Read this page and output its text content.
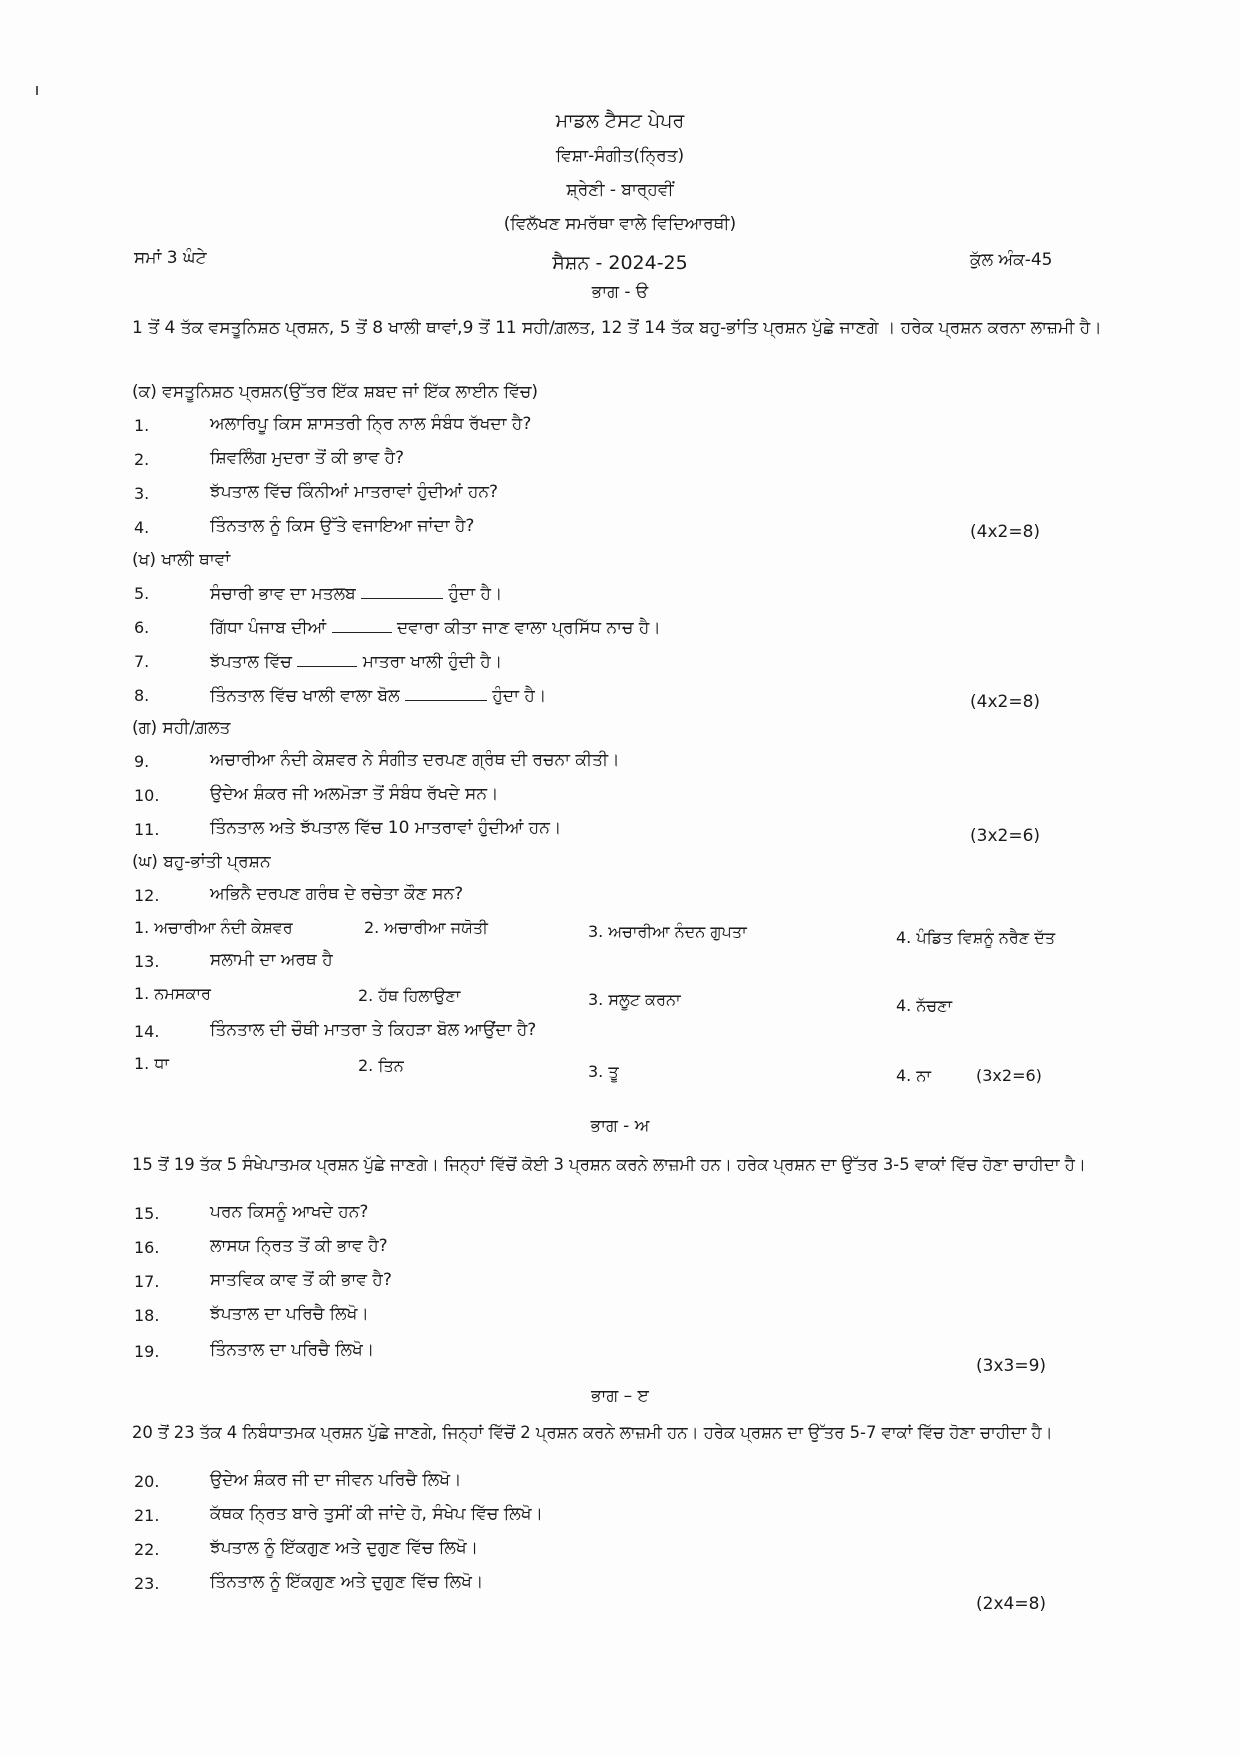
ਮਾਡਲ ਟੈਸਟ ਪੇਪਰ
ਵਿਸ਼ਾ-ਸੰਗੀਤ(ਨ੍ਰਿਤ)
ਸ਼੍ਰੇਣੀ - ਬਾਰ੍ਹਵੀਂ
(ਵਿਲੱਖਣ ਸਮਰੱਥਾ ਵਾਲੇ ਵਿਦਿਆਰਥੀ)
ਸਮਾਂ 3 ਘੰਟੇ	ਸੈਸ਼ਨ - 2024-25	ਕੁੱਲ ਅੰਕ-45
ਭਾਗ - ੳ
1 ਤੋਂ 4 ਤੱਕ ਵਸਤੂਨਿਸ਼ਠ ਪ੍ਰਸ਼ਨ, 5 ਤੋਂ 8 ਖਾਲੀ ਥਾਵਾਂ,9 ਤੋਂ 11 ਸਹੀ/ਗ਼ਲਤ, 12 ਤੋਂ 14 ਤੱਕ ਬਹੁ-ਭਾਂਤਿ ਪ੍ਰਸ਼ਨ ਪੁੱਛੇ ਜਾਣਗੇ । ਹਰੇਕ ਪ੍ਰਸ਼ਨ ਕਰਨਾ ਲਾਜ਼ਮੀ ਹੈ।
(ਕ) ਵਸਤੂਨਿਸ਼ਠ ਪ੍ਰਸ਼ਨ(ਉੱਤਰ ਇੱਕ ਸ਼ਬਦ ਜਾਂ ਇੱਕ ਲਾਈਨ ਵਿੱਚ)
1.	ਅਲਾਰਿਪੂ ਕਿਸ ਸ਼ਾਸਤਰੀ ਨ੍ਰਿ ਨਾਲ ਸੰਬੰਧ ਰੱਖਦਾ ਹੈ?
2.	ਸ਼ਿਵਲਿੰਗ ਮੁਦਰਾ ਤੋਂ ਕੀ ਭਾਵ ਹੈ?
3.	ਝੱਪਤਾਲ ਵਿੱਚ ਕਿੰਨੀਆਂ ਮਾਤਰਾਵਾਂ ਹੁੰਦੀਆਂ ਹਨ?
4.	ਤਿੰਨਤਾਲ ਨੂੰ ਕਿਸ ਉੱਤੇ ਵਜਾਇਆ ਜਾਂਦਾ ਹੈ?	(4x2=8)
(ਖ) ਖਾਲੀ ਥਾਵਾਂ
5.	ਸੰਚਾਰੀ ਭਾਵ ਦਾ ਮਤਲਬ	ਹੁੰਦਾ ਹੈ।
6.	ਗਿੱਧਾ ਪੰਜਾਬ ਦੀਆਂ	ਦਵਾਰਾ ਕੀਤਾ ਜਾਣ ਵਾਲਾ ਪ੍ਰਸਿੱਧ ਨਾਚ ਹੈ।
7.	ਝੱਪਤਾਲ ਵਿੱਚ	ਮਾਤਰਾ ਖਾਲੀ ਹੁੰਦੀ ਹੈ।
8.	ਤਿੰਨਤਾਲ ਵਿੱਚ ਖਾਲੀ ਵਾਲਾ ਬੋਲ	ਹੁੰਦਾ ਹੈ।	(4x2=8)
(ਗ) ਸਹੀ/ਗ਼ਲਤ
9.	ਅਚਾਰੀਆ ਨੰਦੀ ਕੇਸ਼ਵਰ ਨੇ ਸੰਗੀਤ ਦਰਪਣ ਗ੍ਰੰਥ ਦੀ ਰਚਨਾ ਕੀਤੀ।
10.	ਉਦੇਅ ਸ਼ੰਕਰ ਜੀ ਅਲਮੋੜਾ ਤੋਂ ਸੰਬੰਧ ਰੱਖਦੇ ਸਨ।
11.	ਤਿੰਨਤਾਲ ਅਤੇ ਝੱਪਤਾਲ ਵਿੱਚ 10 ਮਾਤਰਾਵਾਂ ਹੁੰਦੀਆਂ ਹਨ।	(3x2=6)
(ਘ) ਬਹੁ-ਭਾਂਤੀ ਪ੍ਰਸ਼ਨ
12.	ਅਭਿਨੈ ਦਰਪਣ ਗਰੰਥ ਦੇ ਰਚੇਤਾ ਕੌਣ ਸਨ?
1. ਅਚਾਰੀਆ ਨੰਦੀ ਕੇਸ਼ਵਰ	2. ਅਚਾਰੀਆ ਜਯੋਤੀ	3. ਅਚਾਰੀਆ ਨੰਦਨ ਗੁਪਤਾ	4. ਪੰਡਿਤ ਵਿਸ਼ਨੂੰ ਨਰੈਣ ਦੱਤ
13.	ਸਲਾਮੀ ਦਾ ਅਰਥ ਹੈ
1. ਨਮਸਕਾਰ	2. ਹੱਥ ਹਿਲਾਉਣਾ	3. ਸਲੂਟ ਕਰਨਾ	4. ਨੱਚਣਾ
14.	ਤਿੰਨਤਾਲ ਦੀ ਚੌਥੀ ਮਾਤਰਾ ਤੇ ਕਿਹੜਾ ਬੋਲ ਆਉਂਦਾ ਹੈ?
1. ਧਾ	2. ਤਿਨ	3. ਤੂ	4. ਨਾ	(3x2=6)
ਭਾਗ - ਅ
15 ਤੋਂ 19 ਤੱਕ 5 ਸੰਖੇਪਾਤਮਕ ਪ੍ਰਸ਼ਨ ਪੁੱਛੇ ਜਾਣਗੇ। ਜਿਨ੍ਹਾਂ ਵਿੱਚੋਂ ਕੋਈ 3 ਪ੍ਰਸ਼ਨ ਕਰਨੇ ਲਾਜ਼ਮੀ ਹਨ। ਹਰੇਕ ਪ੍ਰਸ਼ਨ ਦਾ ਉੱਤਰ 3-5 ਵਾਕਾਂ ਵਿੱਚ ਹੋਣਾ ਚਾਹੀਦਾ ਹੈ।
15.	ਪਰਨ ਕਿਸਨੂੰ ਆਖਦੇ ਹਨ?
16.	ਲਾਸਯ ਨ੍ਰਿਤ ਤੋਂ ਕੀ ਭਾਵ ਹੈ?
17.	ਸਾਤਵਿਕ ਕਾਵ ਤੋਂ ਕੀ ਭਾਵ ਹੈ?
18.	ਝੱਪਤਾਲ ਦਾ ਪਰਿਚੈ ਲਿਖੋ।
19.	ਤਿੰਨਤਾਲ ਦਾ ਪਰਿਚੈ ਲਿਖੋ।
(3x3=9)
ਭਾਗ – ੲ
20 ਤੋਂ 23 ਤੱਕ 4 ਨਿਬੰਧਾਤਮਕ ਪ੍ਰਸ਼ਨ ਪੁੱਛੇ ਜਾਣਗੇ, ਜਿਨ੍ਹਾਂ ਵਿੱਚੋਂ 2 ਪ੍ਰਸ਼ਨ ਕਰਨੇ ਲਾਜ਼ਮੀ ਹਨ। ਹਰੇਕ ਪ੍ਰਸ਼ਨ ਦਾ ਉੱਤਰ 5-7 ਵਾਕਾਂ ਵਿੱਚ ਹੋਣਾ ਚਾਹੀਦਾ ਹੈ।
20.	ਉਦੇਅ ਸ਼ੰਕਰ ਜੀ ਦਾ ਜੀਵਨ ਪਰਿਚੈ ਲਿਖੋ।
21.	ਕੱਥਕ ਨ੍ਰਿਤ ਬਾਰੇ ਤੁਸੀਂ ਕੀ ਜਾਂਦੇ ਹੋ, ਸੰਖੇਪ ਵਿੱਚ ਲਿਖੋ।
22.	ਝੱਪਤਾਲ ਨੂੰ ਇੱਕਗੁਣ ਅਤੇ ਦੁਗੁਣ ਵਿੱਚ ਲਿਖੋ।
23.	ਤਿੰਨਤਾਲ ਨੂੰ ਇੱਕਗੁਣ ਅਤੇ ਦੁਗੁਣ ਵਿੱਚ ਲਿਖੋ।
(2x4=8)
